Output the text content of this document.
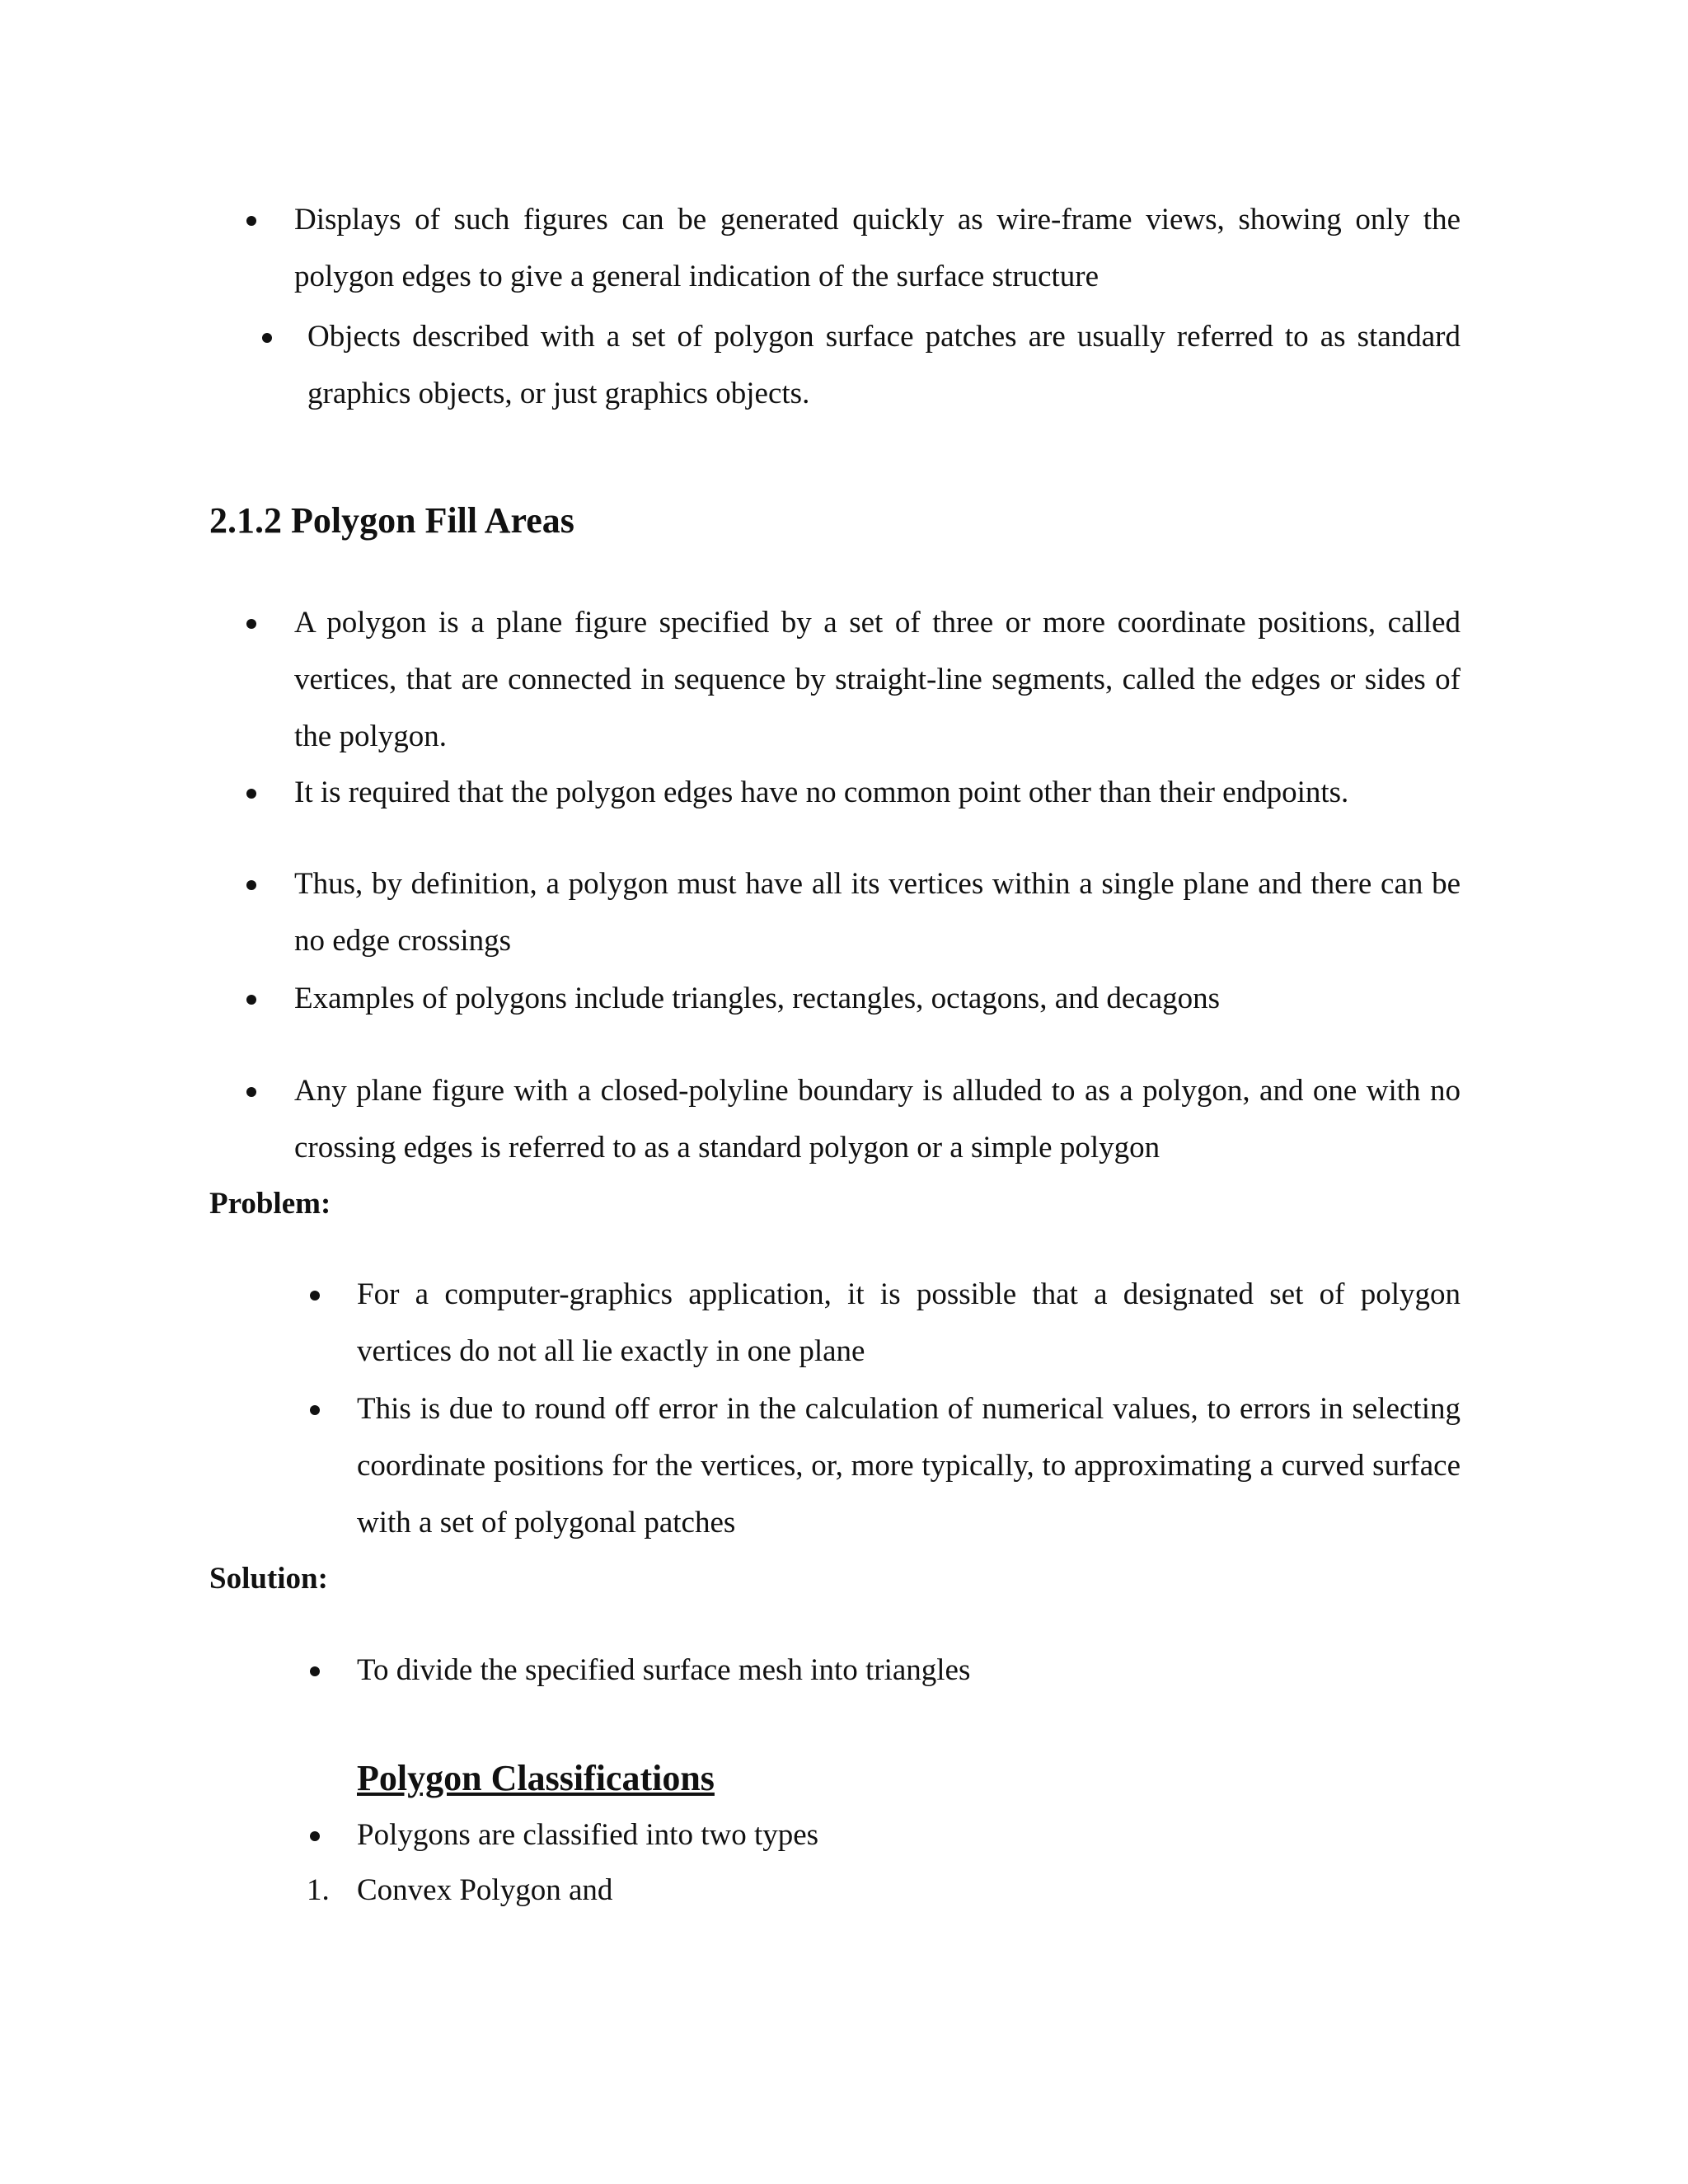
Displays of such figures can be generated quickly as wire-frame views, showing only the polygon edges to give a general indication of the surface structure
Objects described with a set of polygon surface patches are usually referred to as standard graphics objects, or just graphics objects.
2.1.2 Polygon Fill Areas
A polygon is a plane figure specified by a set of three or more coordinate positions, called vertices, that are connected in sequence by straight-line segments, called the edges or sides of the polygon.
It is required that the polygon edges have no common point other than their endpoints.
Thus, by definition, a polygon must have all its vertices within a single plane and there can be no edge crossings
Examples of polygons include triangles, rectangles, octagons, and decagons
Any plane figure with a closed-polyline boundary is alluded to as a polygon, and one with no crossing edges is referred to as a standard polygon or a simple polygon
Problem:
For a computer-graphics application, it is possible that a designated set of polygon vertices do not all lie exactly in one plane
This is due to round off error in the calculation of numerical values, to errors in selecting coordinate positions for the vertices, or, more typically, to approximating a curved surface with a set of polygonal patches
Solution:
To divide the specified surface mesh into triangles
Polygon Classifications
Polygons are classified into two types
1. Convex Polygon and
